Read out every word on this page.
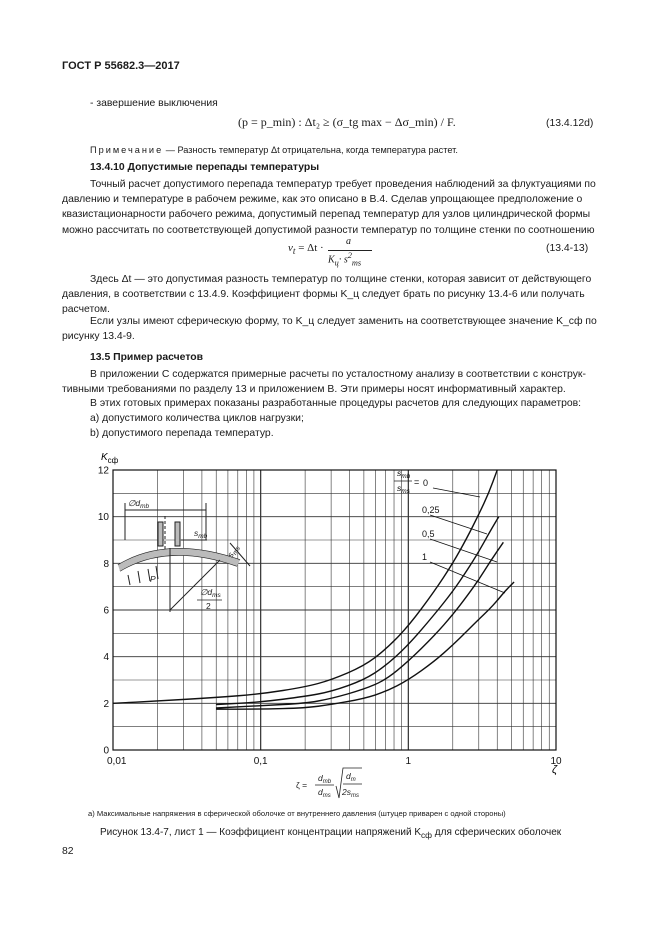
ГОСТ Р 55682.3—2017
- завершение выключения
(p = p_min) : Δt₂ ≥ (σ_tg max − Δσ_min) / F.	(13.4.12d)
Примечание — Разность температур Δt отрицательна, когда температура растет.
13.4.10 Допустимые перепады температуры
Точный расчет допустимого перепада температур требует проведения наблюдений за флуктуациями по давлению и температуре в рабочем режиме, как это описано в B.4. Сделав упрощающее предположение о квазистационарности рабочего режима, допустимый перепад температур для узлов цилиндрической формы можно рассчитать по соответствующей допустимой разности температур по толщине стенки по соотношению
$v_t = \Delta t$ ·
a
$K_ц\cdot s^2_{ms}$
(13.4-13)
Здесь Δt — это допустимая разность температур по толщине стенки, которая зависит от действующего давления, в соответствии с 13.4.9. Коэффициент формы K_ц следует брать по рисунку 13.4-6 или получать расчетом.
Если узлы имеют сферическую форму, то K_ц следует заменить на соответствующее значение K_сф по рисунку 13.4-9.
13.5 Пример расчетов
В приложении C содержатся примерные расчеты по усталостному анализу в соответствии с конструктивными требованиями по разделу 13 и приложением B. Эти примеры носят информативный характер.
В этих готовых примерах показаны разработанные процедуры расчетов для следующих параметров:
a) допустимого количества циклов нагрузки;
b) допустимого перепада температур.
0
0,25
0,5
1
0
2
4
6
8
10
12
0,01	0,1	1	10
$K_{сф}$
ζ
$s_{mb}$
$s_{ms}$
=
$\emptyset d_{mb}$
$s_{mb}$
$s_{ms}$
P
$\emptyset d_{ms}$
2
ζ =
$d_{mb}$
$d_{ms}$
$d_m$
$2s_{ms}$
a) Максимальные напряжения в сферической оболочке от внутреннего давления (штуцер приварен с одной стороны)
Рисунок 13.4-7, лист 1 — Коэффициент концентрации напряжений $K_{сф}$ для сферических оболочек
82
